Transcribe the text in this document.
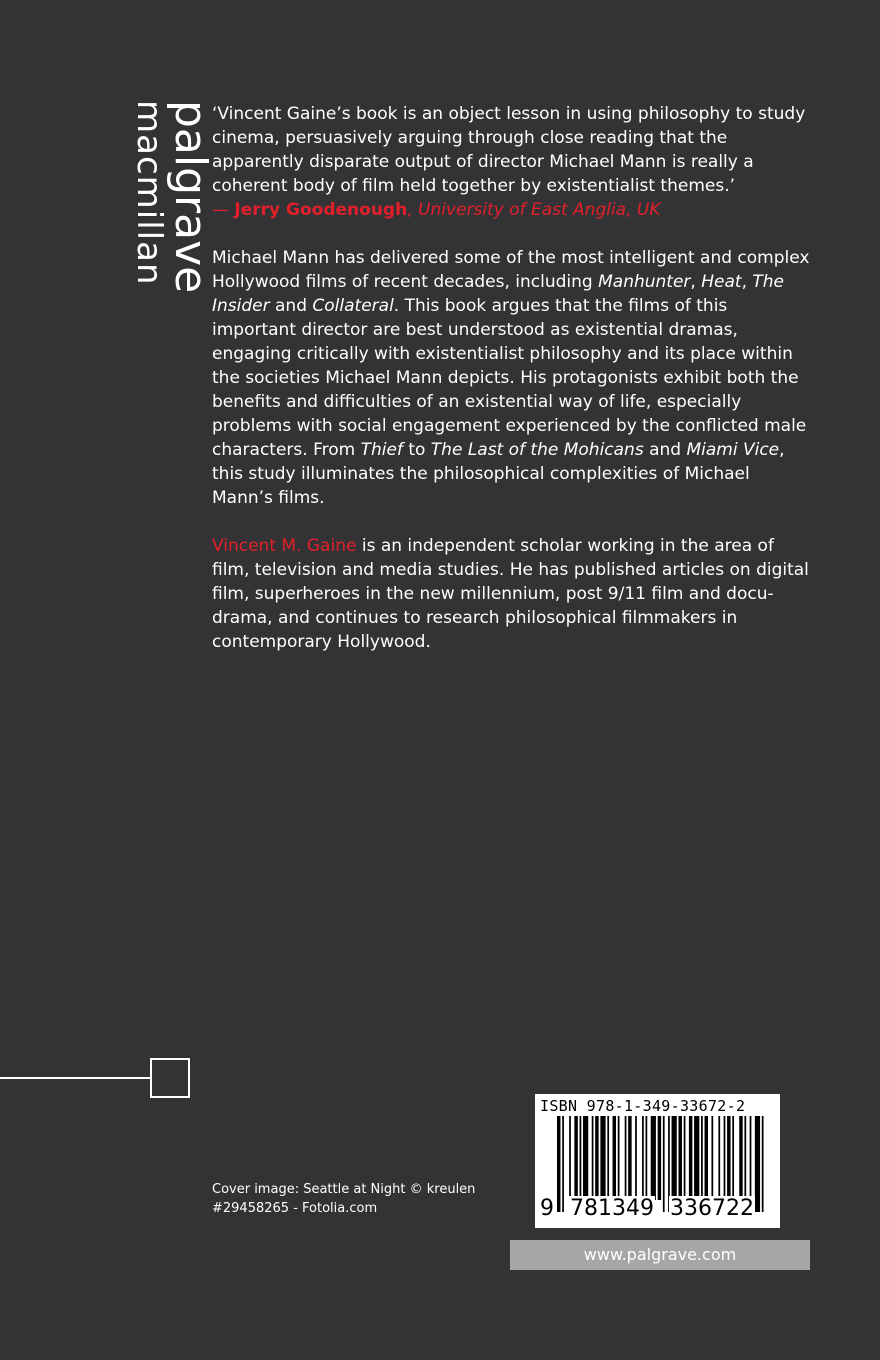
palgrave
macmillan	‘Vincent Gaine’s book is an object lesson in using philosophy to study cinema, persuasively arguing through close reading that the apparently disparate output of director Michael Mann is really a coherent body of film held together by existentialist themes.’
— Jerry Goodenough, University of East Anglia, UK

Michael Mann has delivered some of the most intelligent and complex Hollywood films of recent decades, including Manhunter, Heat, The Insider and Collateral. This book argues that the films of this important director are best understood as existential dramas, engaging critically with existentialist philosophy and its place within the societies Michael Mann depicts. His protagonists exhibit both the benefits and difficulties of an existential way of life, especially problems with social engagement experienced by the conflicted male characters. From Thief to The Last of the Mohicans and Miami Vice, this study illuminates the philosophical complexities of Michael Mann’s films.

Vincent M. Gaine is an independent scholar working in the area of film, television and media studies. He has published articles on digital film, superheroes in the new millennium, post 9/11 film and docu-drama, and continues to research philosophical filmmakers in contemporary Hollywood.

Cover image: Seattle at Night © kreulen
#29458265 - Fotolia.com
ISBN 978-1-349-33672-2
9 781349 336722
www.palgrave.com
